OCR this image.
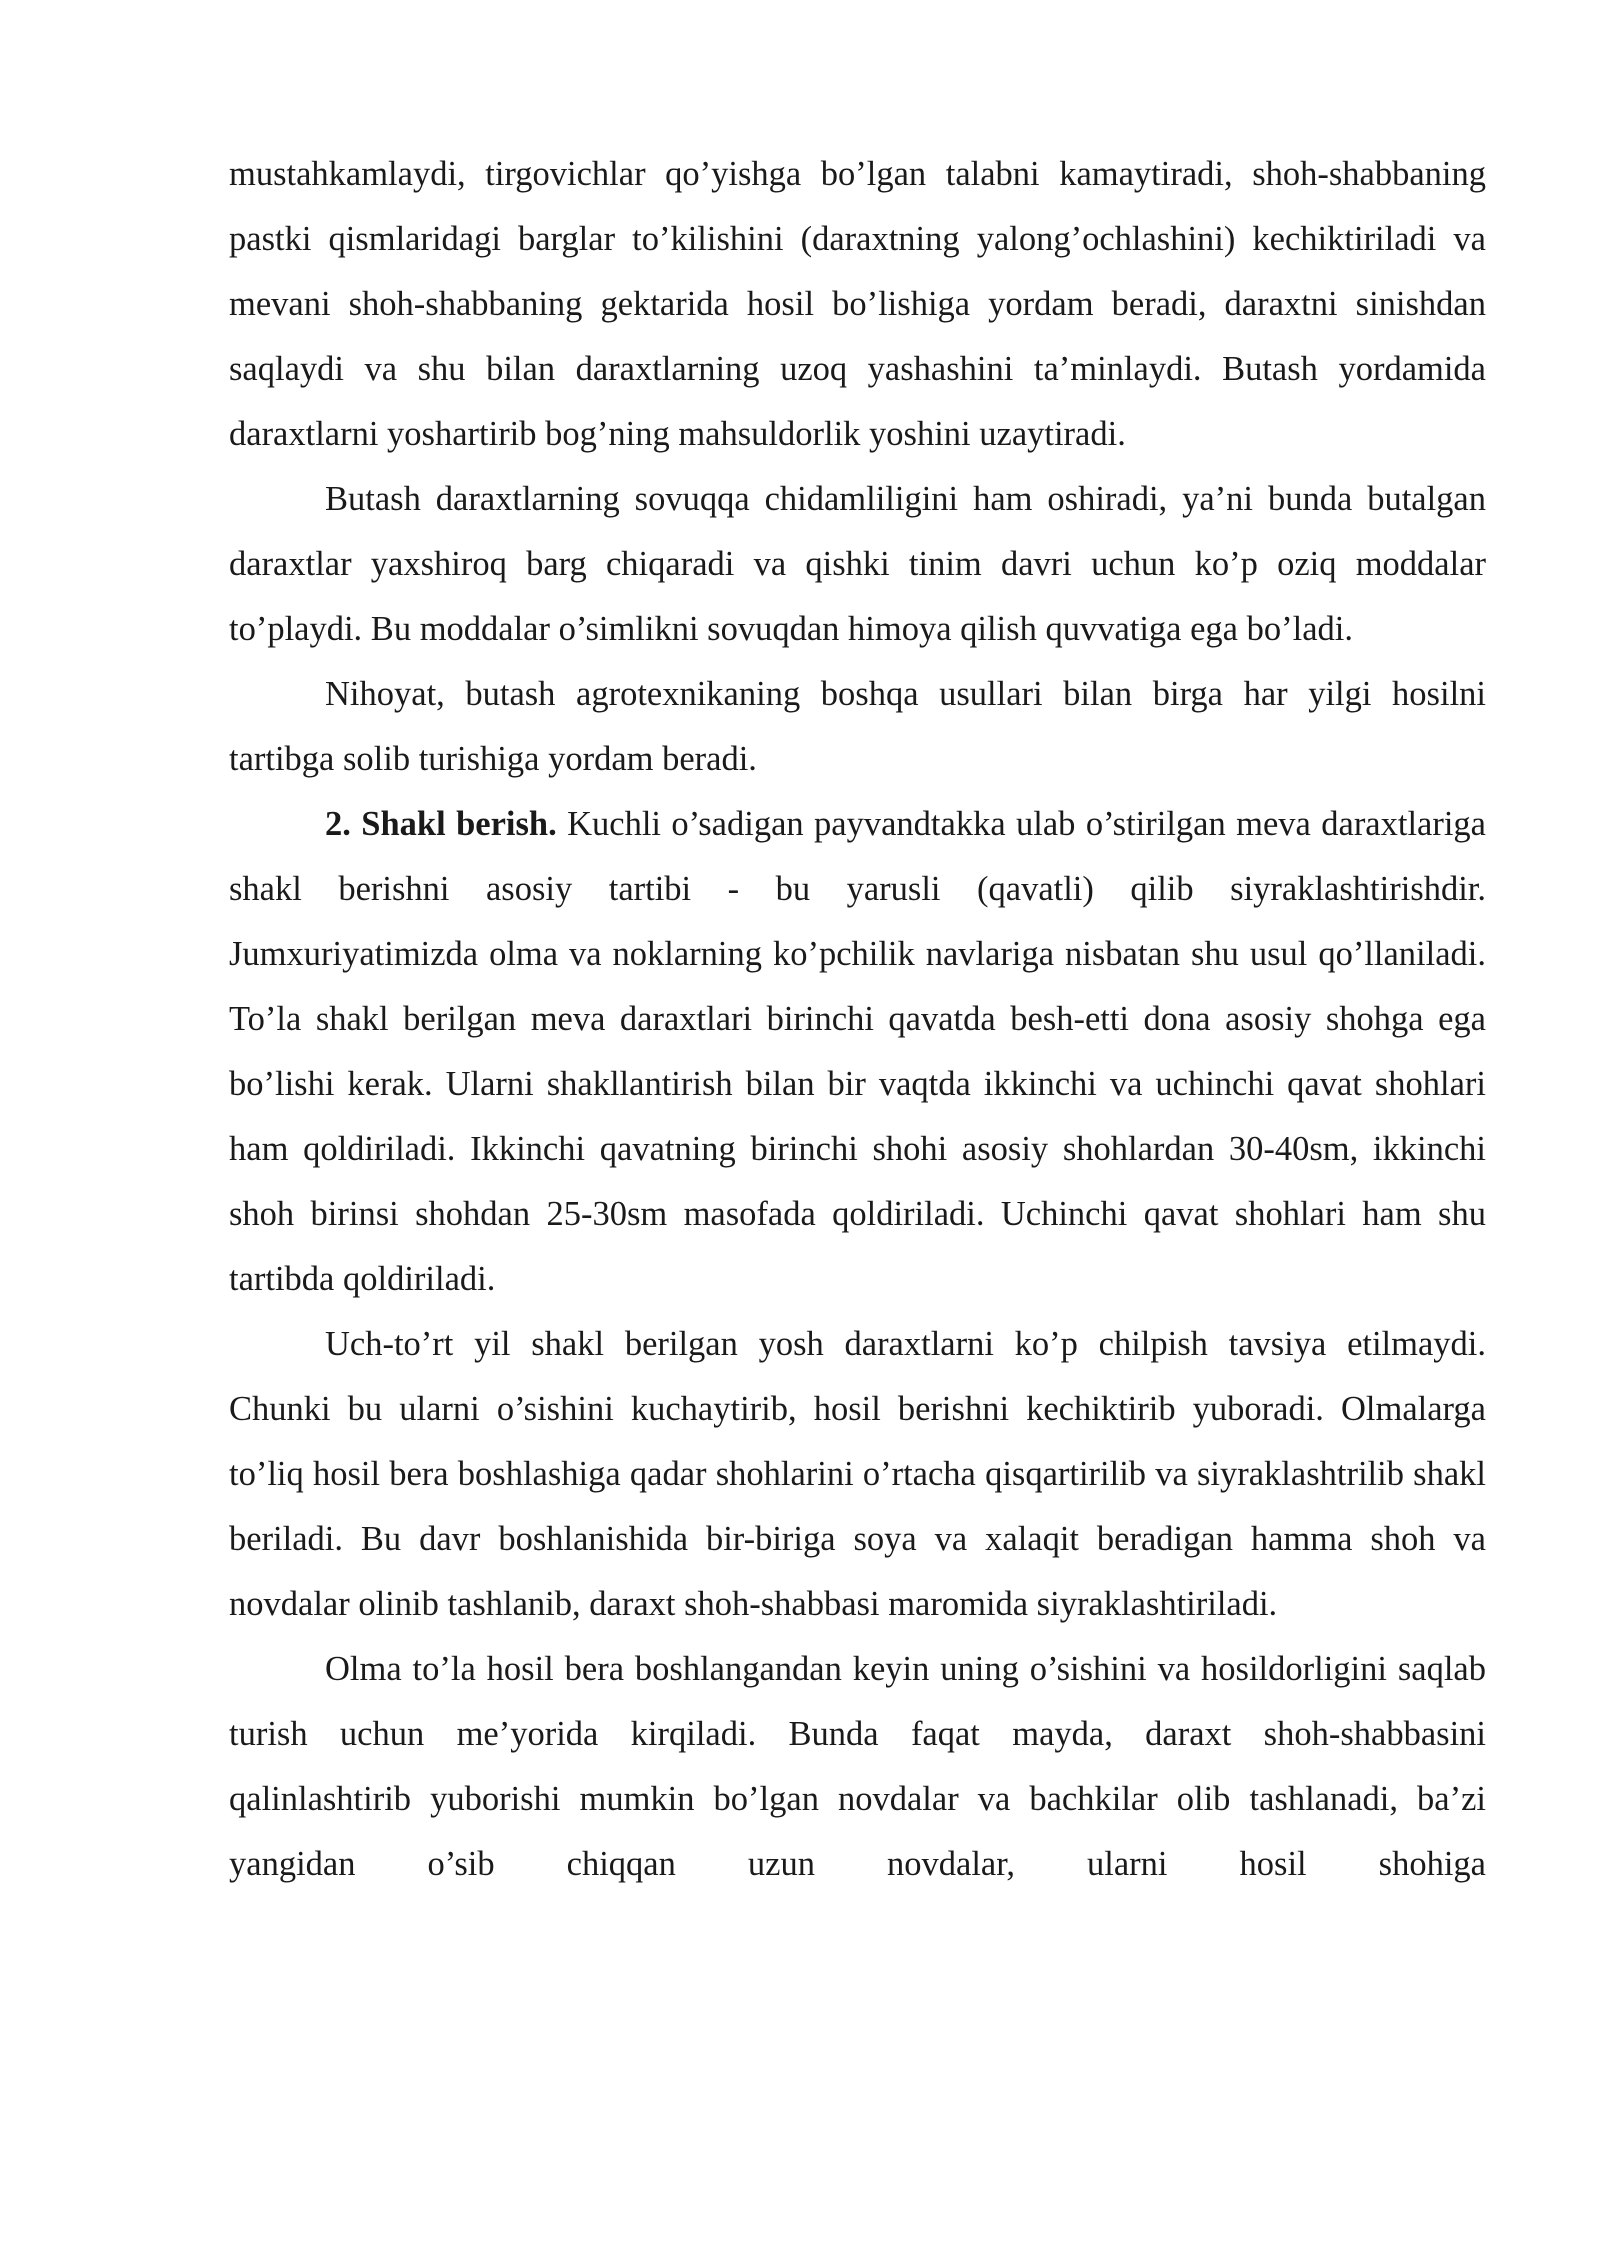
mustahkamlaydi, tirgovichlar qo’yishga bo’lgan talabni kamaytiradi, shoh-shabbaning pastki qismlaridagi barglar to’kilishini (daraxtning yalong’ochlashini) kechiktiriladi va mevani shoh-shabbaning gektarida hosil bo’lishiga yordam beradi, daraxtni sinishdan saqlaydi va shu bilan daraxtlarning uzoq yashashini ta’minlaydi. Butash yordamida daraxtlarni yoshartirib bog’ning mahsuldorlik yoshini uzaytiradi.

Butash daraxtlarning sovuqqa chidamliligini ham oshiradi, ya’ni bunda butalgan daraxtlar yaxshiroq barg chiqaradi va qishki tinim davri uchun ko’p oziq moddalar to’playdi. Bu moddalar o’simlikni sovuqdan himoya qilish quvvatiga ega bo’ladi.

Nihoyat, butash agrotexnikaning boshqa usullari bilan birga har yilgi hosilni tartibga solib turishiga yordam beradi.

2. Shakl berish. Kuchli o’sadigan payvandtakka ulab o’stirilgan meva daraxtlariga shakl berishni asosiy tartibi - bu yarusli (qavatli) qilib siyraklashtirishdir. Jumxuriyatimizda olma va noklarning ko’pchilik navlariga nisbatan shu usul qo’llaniladi. To’la shakl berilgan meva daraxtlari birinchi qavatda besh-etti dona asosiy shohga ega bo’lishi kerak. Ularni shakllantirish bilan bir vaqtda ikkinchi va uchinchi qavat shohlari ham qoldiriladi. Ikkinchi qavatning birinchi shohi asosiy shohlardan 30-40sm, ikkinchi shoh birinsi shohdan 25-30sm masofada qoldiriladi. Uchinchi qavat shohlari ham shu tartibda qoldiriladi.

Uch-to’rt yil shakl berilgan yosh daraxtlarni ko’p chilpish tavsiya etilmaydi. Chunki bu ularni o’sishini kuchaytirib, hosil berishni kechiktirib yuboradi. Olmalarga to’liq hosil bera boshlashiga qadar shohlarini o’rtacha qisqartirilib va siyraklashtrilib shakl beriladi. Bu davr boshlanishida bir-biriga soya va xalaqit beradigan hamma shoh va novdalar olinib tashlanib, daraxt shoh-shabbasi maromida siyraklashtiriladi.

Olma to’la hosil bera boshlangandan keyin uning o’sishini va hosildorligini saqlab turish uchun me’yorida kirqiladi. Bunda faqat mayda, daraxt shoh-shabbasini qalinlashtirib yuborishi mumkin bo’lgan novdalar va bachkilar olib tashlanadi, ba’zi yangidan o’sib chiqqan uzun novdalar, ularni hosil shohiga
